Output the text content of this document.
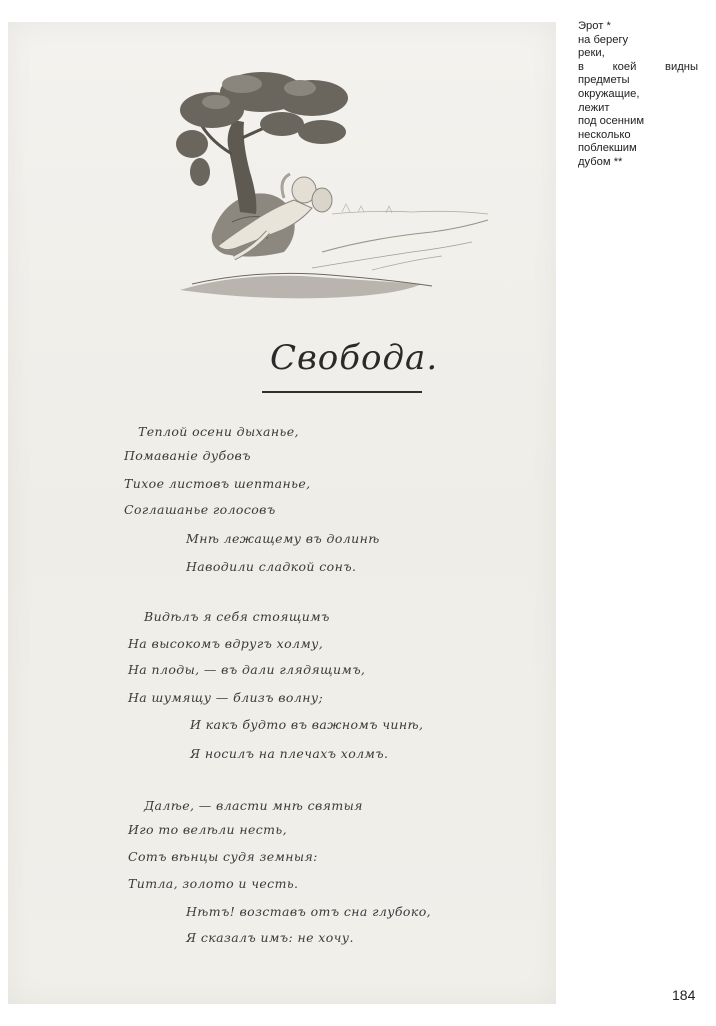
Свобода.
Теплой осени дыханье,
Помаванiе дубовъ
Тихое листовъ шептанье,
Соглашанье голосовъ
Мнѣ лежащему въ долинѣ
Наводили сладкой сонъ.
Видѣлъ я себя стоящимъ
На высокомъ вдругъ холму,
На плоды, — въ дали глядящимъ,
На шумящу — близъ волну;
И какъ будто въ важномъ чинѣ,
Я носилъ на плечахъ холмъ.
Далѣе, — власти мнѣ святыя
Иго то велѣли несть,
Сотъ вѣнцы судя земныя:
Титла, золото и честь.
Нѣтъ! возставъ отъ сна глубоко,
Я сказалъ имъ: не хочу.
Эрот *
на берегу
реки,
в	коей	видны
предметы
окружащие,
лежит
под осенним
несколько
поблекшим
дубом **
184
